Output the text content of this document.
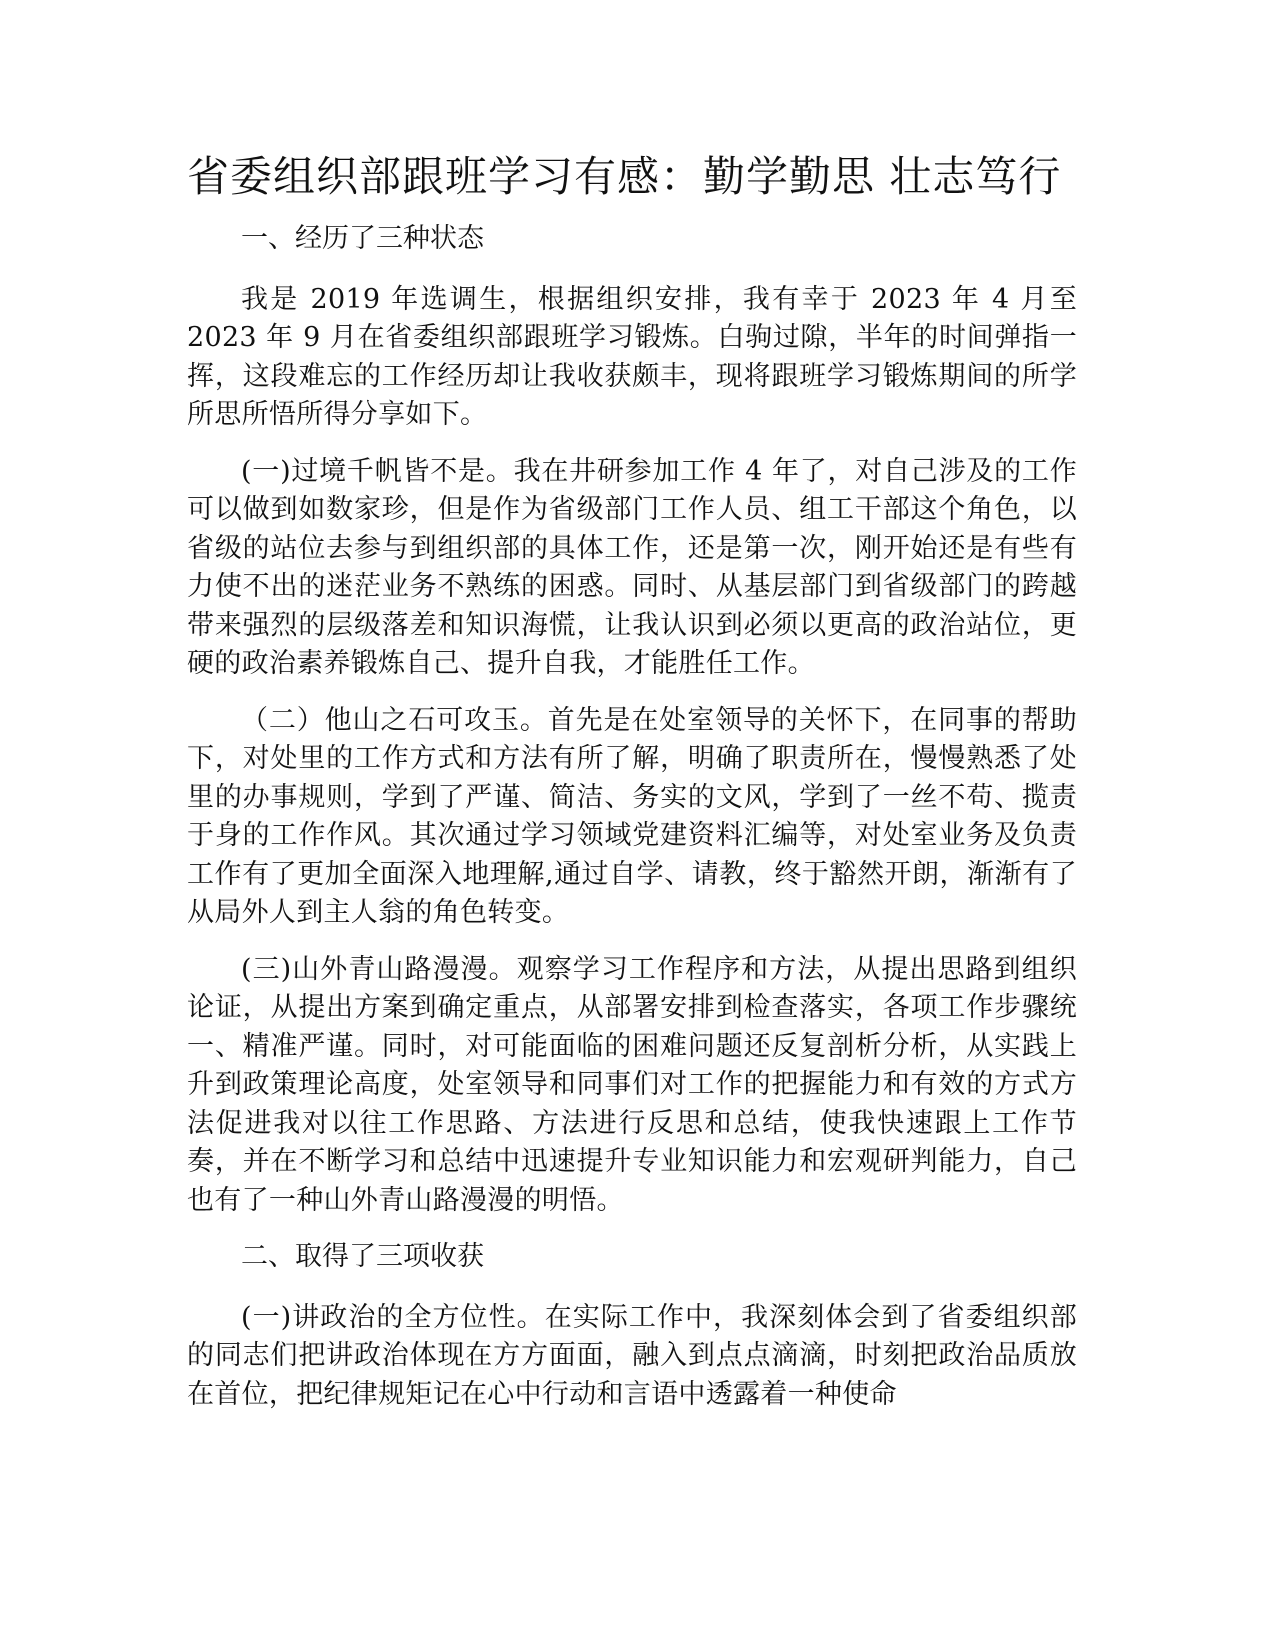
省委组织部跟班学习有感：勤学勤思 壮志笃行

一、经历了三种状态

我是 2019 年选调生，根据组织安排，我有幸于 2023 年 4 月至 2023 年 9 月在省委组织部跟班学习锻炼。白驹过隙，半年的时间弹指一挥，这段难忘的工作经历却让我收获颇丰，现将跟班学习锻炼期间的所学所思所悟所得分享如下。

(一)过境千帆皆不是。我在井研参加工作 4 年了，对自己涉及的工作可以做到如数家珍，但是作为省级部门工作人员、组工干部这个角色，以省级的站位去参与到组织部的具体工作，还是第一次，刚开始还是有些有力使不出的迷茫业务不熟练的困惑。同时、从基层部门到省级部门的跨越带来强烈的层级落差和知识海慌，让我认识到必须以更高的政治站位，更硬的政治素养锻炼自己、提升自我，才能胜任工作。

（二）他山之石可攻玉。首先是在处室领导的关怀下，在同事的帮助下，对处里的工作方式和方法有所了解，明确了职责所在，慢慢熟悉了处里的办事规则，学到了严谨、简洁、务实的文风，学到了一丝不苟、揽责于身的工作作风。其次通过学习领域党建资料汇编等，对处室业务及负责工作有了更加全面深入地理解,通过自学、请教，终于豁然开朗，渐渐有了从局外人到主人翁的角色转变。

(三)山外青山路漫漫。观察学习工作程序和方法，从提出思路到组织论证，从提出方案到确定重点，从部署安排到检查落实，各项工作步骤统一、精准严谨。同时，对可能面临的困难问题还反复剖析分析，从实践上升到政策理论高度，处室领导和同事们对工作的把握能力和有效的方式方法促进我对以往工作思路、方法进行反思和总结，使我快速跟上工作节奏，并在不断学习和总结中迅速提升专业知识能力和宏观研判能力，自己也有了一种山外青山路漫漫的明悟。

二、取得了三项收获

(一)讲政治的全方位性。在实际工作中，我深刻体会到了省委组织部的同志们把讲政治体现在方方面面，融入到点点滴滴，时刻把政治品质放在首位，把纪律规矩记在心中行动和言语中透露着一种使命
